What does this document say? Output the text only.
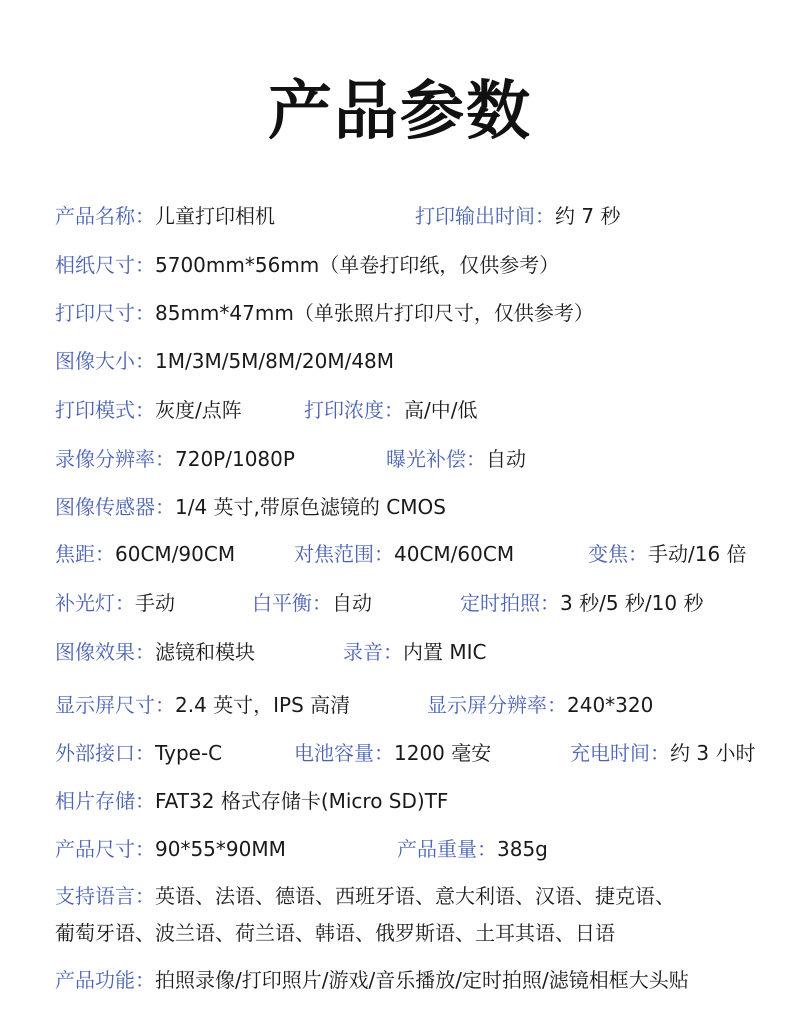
产品参数
产品名称：儿童打印相机	打印输出时间：约 7 秒
相纸尺寸：5700mm*56mm（单卷打印纸，仅供参考）
打印尺寸：85mm*47mm（单张照片打印尺寸，仅供参考）
图像大小：1M/3M/5M/8M/20M/48M
打印模式：灰度/点阵	打印浓度：高/中/低
录像分辨率：720P/1080P	曝光补偿：自动
图像传感器：1/4 英寸,带原色滤镜的 CMOS
焦距：60CM/90CM	对焦范围：40CM/60CM	变焦：手动/16 倍
补光灯：手动	白平衡：自动	定时拍照：3 秒/5 秒/10 秒
图像效果：滤镜和模块	录音：内置 MIC
显示屏尺寸：2.4 英寸，IPS 高清	显示屏分辨率：240*320
外部接口：Type-C	电池容量：1200 毫安	充电时间：约 3 小时
相片存储：FAT32 格式存储卡(Micro SD)TF
产品尺寸：90*55*90MM	产品重量：385g
支持语言：英语、法语、德语、西班牙语、意大利语、汉语、捷克语、
葡萄牙语、波兰语、荷兰语、韩语、俄罗斯语、土耳其语、日语
产品功能：拍照录像/打印照片/游戏/音乐播放/定时拍照/滤镜相框大头贴
